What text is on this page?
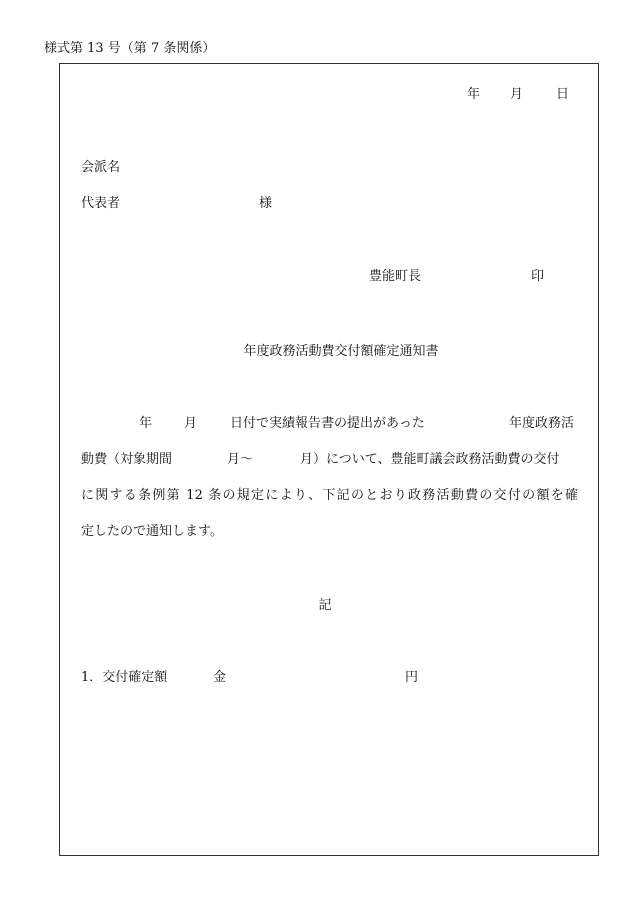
様式第 13 号（第 7 条関係）
年 月	日
会派名
代表者	様
豊能町長	印
年度政務活動費交付額確定通知書
年 月	日付で実績報告書の提出があった	年度政務活
動費（対象期間	月～	月）について、豊能町議会政務活動費の交付
に関する条例第 12 条の規定により、下記のとおり政務活動費の交付の額を確
定したので通知します。
記
1．交付確定額	金	円
